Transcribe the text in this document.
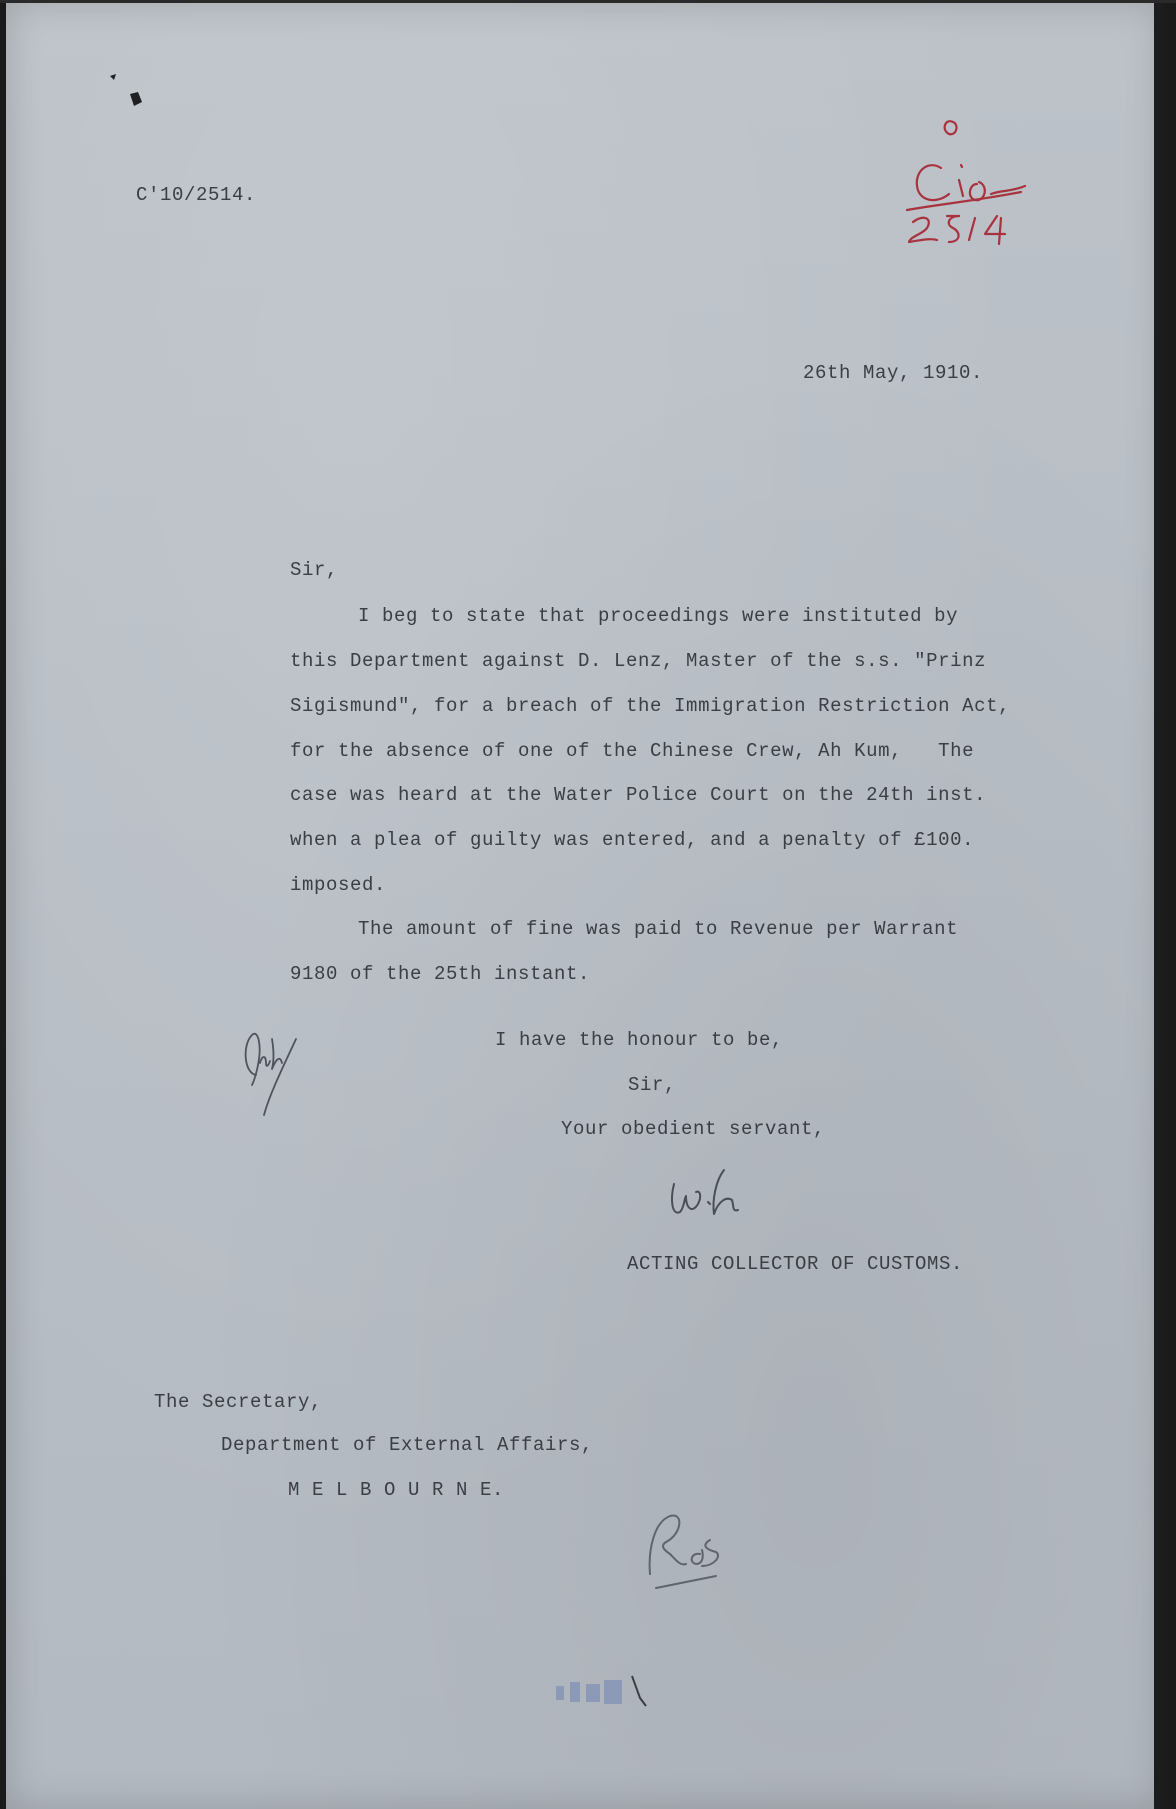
C'10/2514.
26th May, 1910.
Sir,
I beg to state that proceedings were instituted by
this Department against D. Lenz, Master of the s.s. "Prinz
Sigismund", for a breach of the Immigration Restriction Act,
for the absence of one of the Chinese Crew, Ah Kum,   The
case was heard at the Water Police Court on the 24th inst.
when a plea of guilty was entered, and a penalty of £100.
imposed.
The amount of fine was paid to Revenue per Warrant
9180 of the 25th instant.
I have the honour to be,
Sir,
Your obedient servant,
ACTING COLLECTOR OF CUSTOMS.
The Secretary,
Department of External Affairs,
M E L B O U R N E.
